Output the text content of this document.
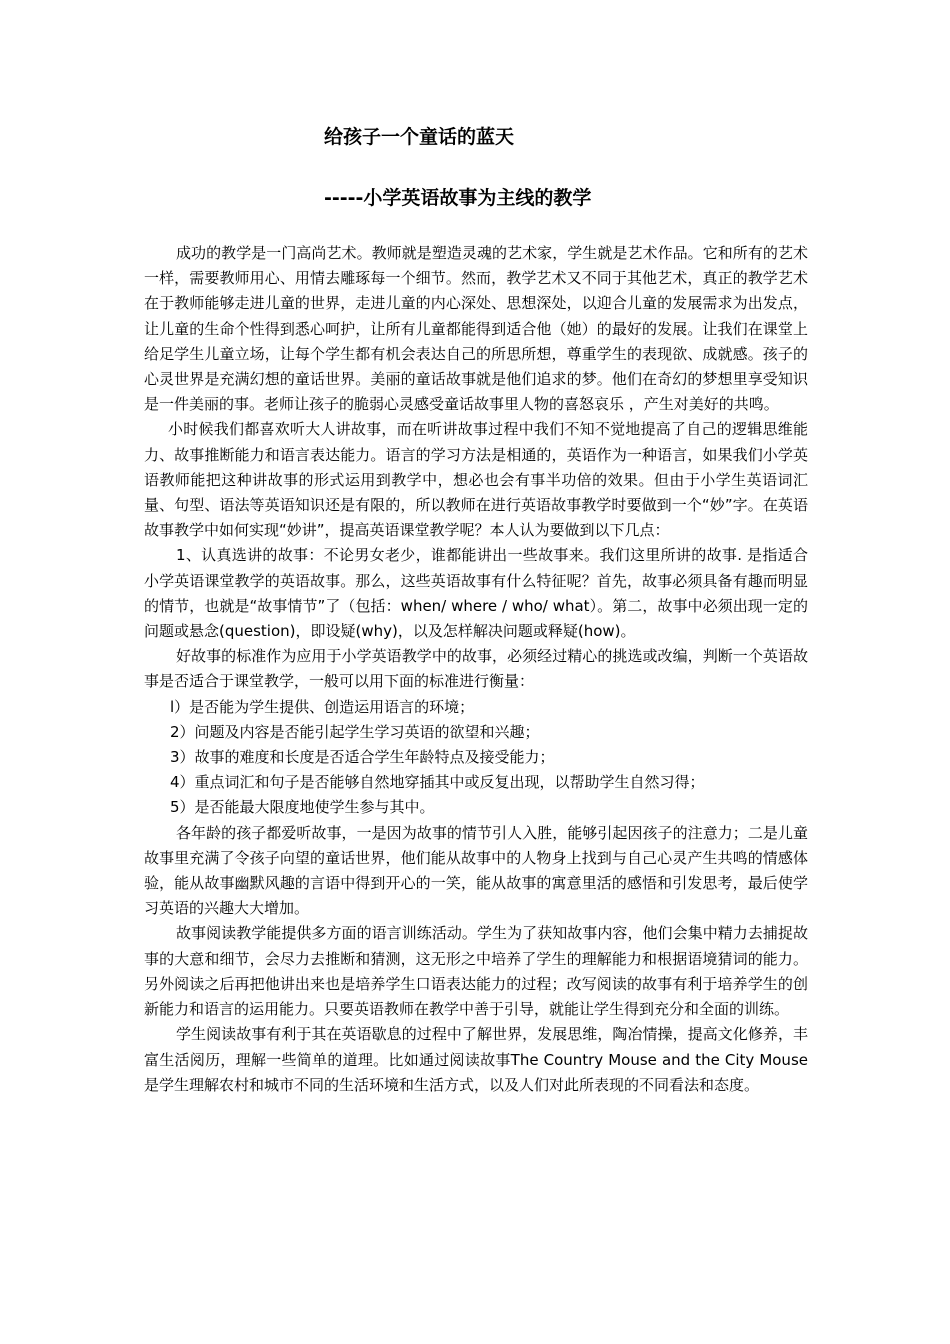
给孩子一个童话的蓝天
-----小学英语故事为主线的教学

成功的教学是一门高尚艺术。教师就是塑造灵魂的艺术家，学生就是艺术作品。它和所有的艺术一样，需要教师用心、用情去雕琢每一个细节。然而，教学艺术又不同于其他艺术，真正的教学艺术在于教师能够走进儿童的世界，走进儿童的内心深处、思想深处，以迎合儿童的发展需求为出发点，让儿童的生命个性得到悉心呵护，让所有儿童都能得到适合他（她）的最好的发展。让我们在课堂上给足学生儿童立场，让每个学生都有机会表达自己的所思所想，尊重学生的表现欲、成就感。孩子的心灵世界是充满幻想的童话世界。美丽的童话故事就是他们追求的梦。他们在奇幻的梦想里享受知识是一件美丽的事。老师让孩子的脆弱心灵感受童话故事里人物的喜怒哀乐 ，产生对美好的共鸣。

小时候我们都喜欢听大人讲故事，而在听讲故事过程中我们不知不觉地提高了自己的逻辑思维能力、故事推断能力和语言表达能力。语言的学习方法是相通的，英语作为一种语言，如果我们小学英语教师能把这种讲故事的形式运用到教学中，想必也会有事半功倍的效果。但由于小学生英语词汇量、句型、语法等英语知识还是有限的，所以教师在进行英语故事教学时要做到一个“妙”字。在英语故事教学中如何实现“妙讲”，提高英语课堂教学呢？本人认为要做到以下几点：

1、认真选讲的故事：不论男女老少，谁都能讲出一些故事来。我们这里所讲的故事. 是指适合小学英语课堂教学的英语故事。那么，这些英语故事有什么特征呢？首先，故事必须具备有趣而明显的情节，也就是“故事情节”了（包括：when/ where / who/ what）。第二，故事中必须出现一定的问题或悬念(question)，即设疑(why)，以及怎样解决问题或释疑(how)。

好故事的标准作为应用于小学英语教学中的故事，必须经过精心的挑选或改编，判断一个英语故事是否适合于课堂教学，一般可以用下面的标准进行衡量：

l）是否能为学生提供、创造运用语言的环境；

2）问题及内容是否能引起学生学习英语的欲望和兴趣；

3）故事的难度和长度是否适合学生年龄特点及接受能力；

4）重点词汇和句子是否能够自然地穿插其中或反复出现，以帮助学生自然习得；

5）是否能最大限度地使学生参与其中。

各年龄的孩子都爱听故事，一是因为故事的情节引人入胜，能够引起因孩子的注意力；二是儿童故事里充满了令孩子向望的童话世界，他们能从故事中的人物身上找到与自己心灵产生共鸣的情感体验，能从故事幽默风趣的言语中得到开心的一笑，能从故事的寓意里活的感悟和引发思考，最后使学习英语的兴趣大大增加。

故事阅读教学能提供多方面的语言训练活动。学生为了获知故事内容，他们会集中精力去捕捉故事的大意和细节，会尽力去推断和猜测，这无形之中培养了学生的理解能力和根据语境猜词的能力。另外阅读之后再把他讲出来也是培养学生口语表达能力的过程；改写阅读的故事有利于培养学生的创新能力和语言的运用能力。只要英语教师在教学中善于引导，就能让学生得到充分和全面的训练。

学生阅读故事有利于其在英语歇息的过程中了解世界，发展思维，陶冶情操，提高文化修养，丰富生活阅历，理解一些简单的道理。比如通过阅读故事The Country Mouse and the City Mouse是学生理解农村和城市不同的生活环境和生活方式，以及人们对此所表现的不同看法和态度。
